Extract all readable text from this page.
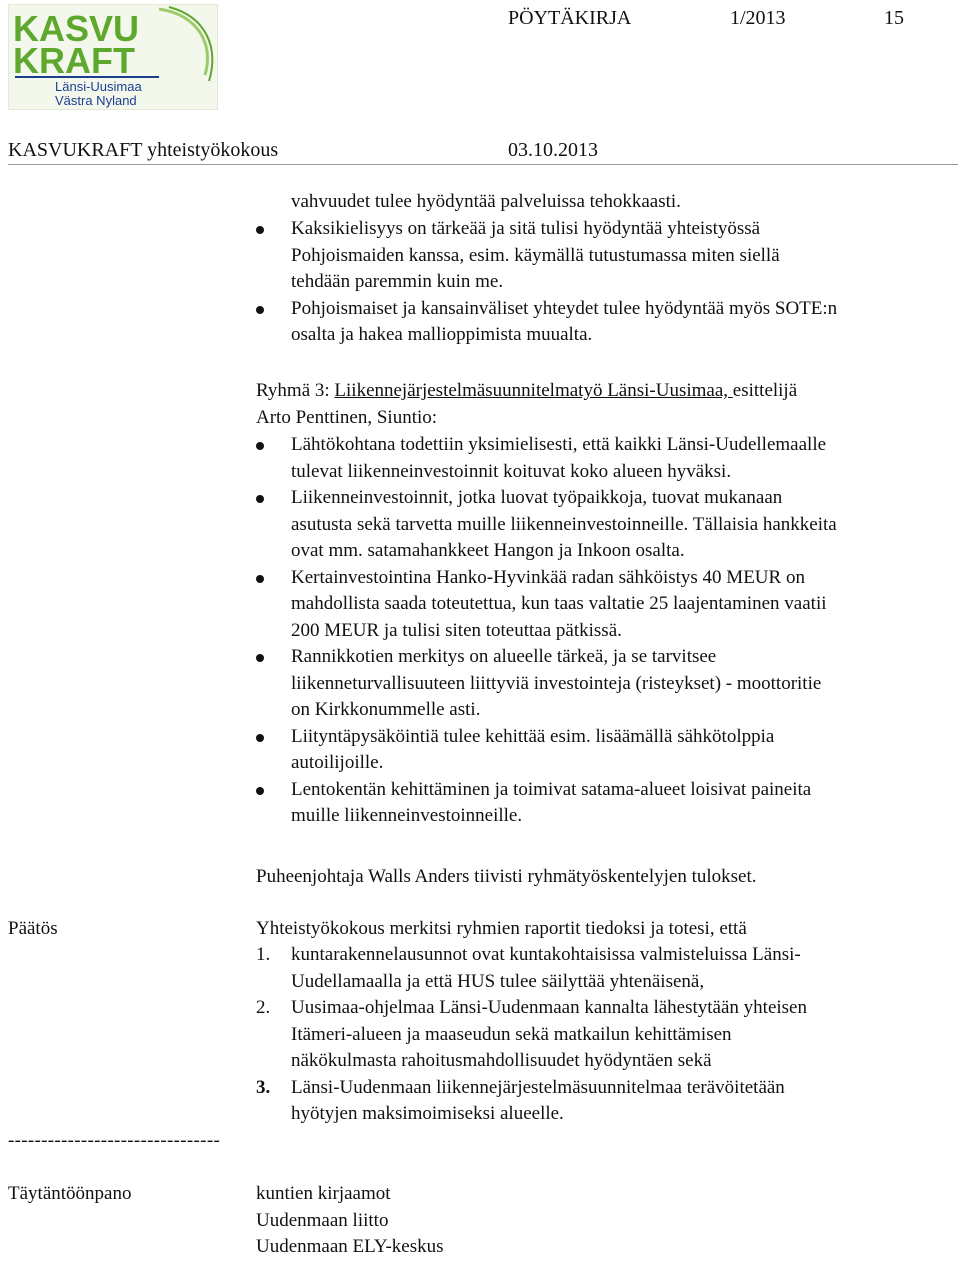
KASVU
KRAFT
Länsi-Uusimaa
Västra Nyland
PÖYTÄKIRJA	1/2013	15
KASVUKRAFT yhteistyökokous	03.10.2013
vahvuudet tulee hyödyntää palveluissa tehokkaasti.
Kaksikielisyys on tärkeää ja sitä tulisi hyödyntää yhteistyössä
Pohjoismaiden kanssa, esim. käymällä tutustumassa miten siellä
tehdään paremmin kuin me.
Pohjoismaiset ja kansainväliset yhteydet tulee hyödyntää myös SOTE:n
osalta ja hakea mallioppimista muualta.
Ryhmä 3: Liikennejärjestelmäsuunnitelmatyö Länsi-Uusimaa, esittelijä
Arto Penttinen, Siuntio:
Lähtökohtana todettiin yksimielisesti, että kaikki Länsi-Uudellemaalle
tulevat liikenneinvestoinnit koituvat koko alueen hyväksi.
Liikenneinvestoinnit, jotka luovat työpaikkoja, tuovat mukanaan
asutusta sekä tarvetta muille liikenneinvestoinneille. Tällaisia hankkeita
ovat mm. satamahankkeet Hangon ja Inkoon osalta.
Kertainvestointina Hanko-Hyvinkää radan sähköistys 40 MEUR on
mahdollista saada toteutettua, kun taas valtatie 25 laajentaminen vaatii
200 MEUR ja tulisi siten toteuttaa pätkissä.
Rannikkotien merkitys on alueelle tärkeä, ja se tarvitsee
liikenneturvallisuuteen liittyviä investointeja (risteykset) - moottoritie
on Kirkkonummelle asti.
Liityntäpysäköintiä tulee kehittää esim. lisäämällä sähkötolppia
autoilijoille.
Lentokentän kehittäminen ja toimivat satama-alueet loisivat paineita
muille liikenneinvestoinneille.
Puheenjohtaja Walls Anders tiivisti ryhmätyöskentelyjen tulokset.
Päätös	Yhteistyökokous merkitsi ryhmien raportit tiedoksi ja totesi, että
1. kuntarakennelausunnot ovat kuntakohtaisissa valmisteluissa Länsi-
Uudellamaalla ja että HUS tulee säilyttää yhtenäisenä,
2. Uusimaa-ohjelmaa Länsi-Uudenmaan kannalta lähestytään yhteisen
Itämeri-alueen ja maaseudun sekä matkailun kehittämisen
näkökulmasta rahoitusmahdollisuudet hyödyntäen sekä
3. Länsi-Uudenmaan liikennejärjestelmäsuunnitelmaa terävöitetään
hyötyjen maksimoimiseksi alueelle.
--------------------------------
Täytäntöönpano	kuntien kirjaamot
Uudenmaan liitto
Uudenmaan ELY-keskus
